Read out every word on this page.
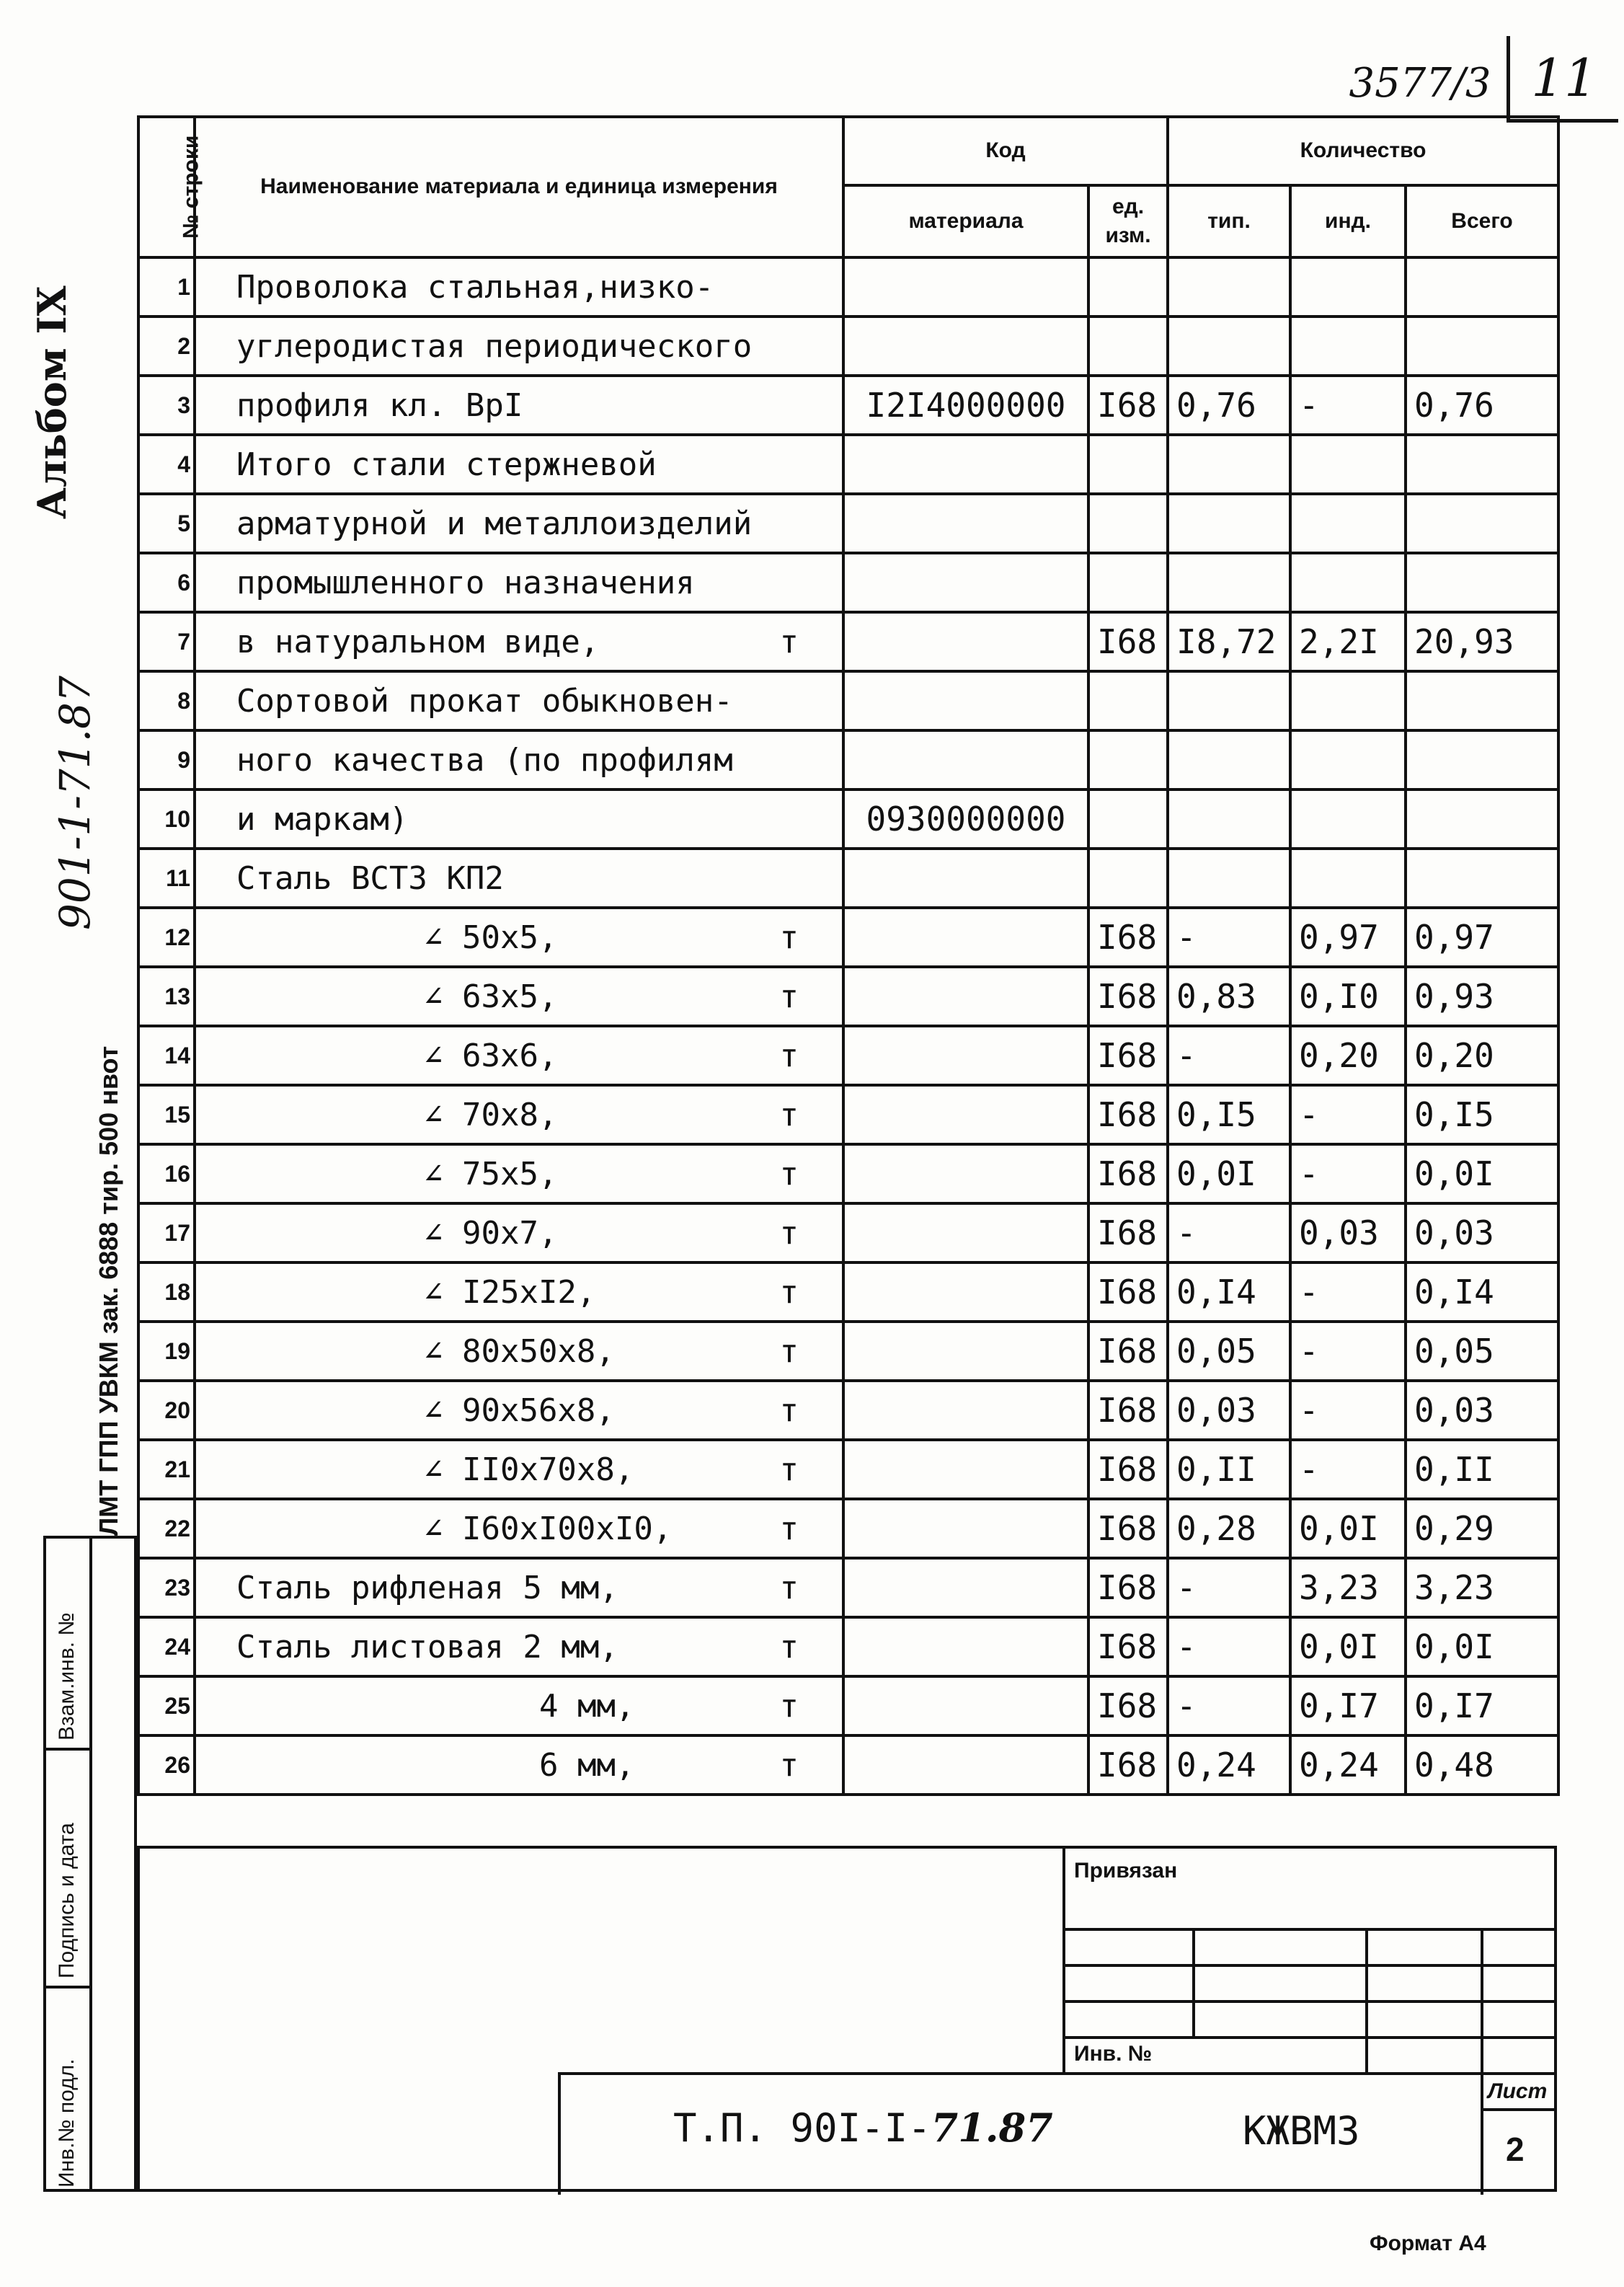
3577/3 11
Альбом IX
901-1-71.87
ЛМТ ГПП УВКМ зак. 6888 тир. 500 нвот
Взам.инв. №
Подпись и дата
Инв.№ подл.
№ строки	Наименование материала и единица измерения	Код		Количество		
		материала	ед. изм.	тип.	инд.	Всего
1	Проволока стальная,низко-

2	углеродистая периодического

3	профиля кл. ВрI	I2I4000000	I68	0,76	-	0,76
4	Итого стали стержневой

5	арматурной и металлоизделий

6	промышленного назначения

7	в натуральном виде, т		I68	I8,72	2,2I	20,93
8	Сортовой прокат обыкновен-

9	ного качества (по профилям

10	и маркам)	0930000000				
11	Сталь ВСТЗ КП2

12	∠ 50x5, т		I68	-	0,97	0,97
13	∠ 63x5, т		I68	0,83	0,I0	0,93
14	∠ 63x6, т		I68	-	0,20	0,20
15	∠ 70x8, т		I68	0,I5	-	0,I5
16	∠ 75x5, т		I68	0,0I	-	0,0I
17	∠ 90x7, т		I68	-	0,03	0,03
18	∠ I25xI2, т		I68	0,I4	-	0,I4
19	∠ 80x50x8, т		I68	0,05	-	0,05
20	∠ 90x56x8, т		I68	0,03	-	0,03
21	∠ II0x70x8, т		I68	0,II	-	0,II
22	∠ I60xI00xI0, т		I68	0,28	0,0I	0,29
23	Сталь рифленая 5 мм, т		I68	-	3,23	3,23
24	Сталь листовая 2 мм, т		I68	-	0,0I	0,0I
25	4 мм, т		I68	-	0,I7	0,I7
26	6 мм, т		I68	0,24	0,24	0,48
Привязан
Инв. №
Т.П. 90I-I-71.87	КЖВМ3
Лист
2
Формат А4
